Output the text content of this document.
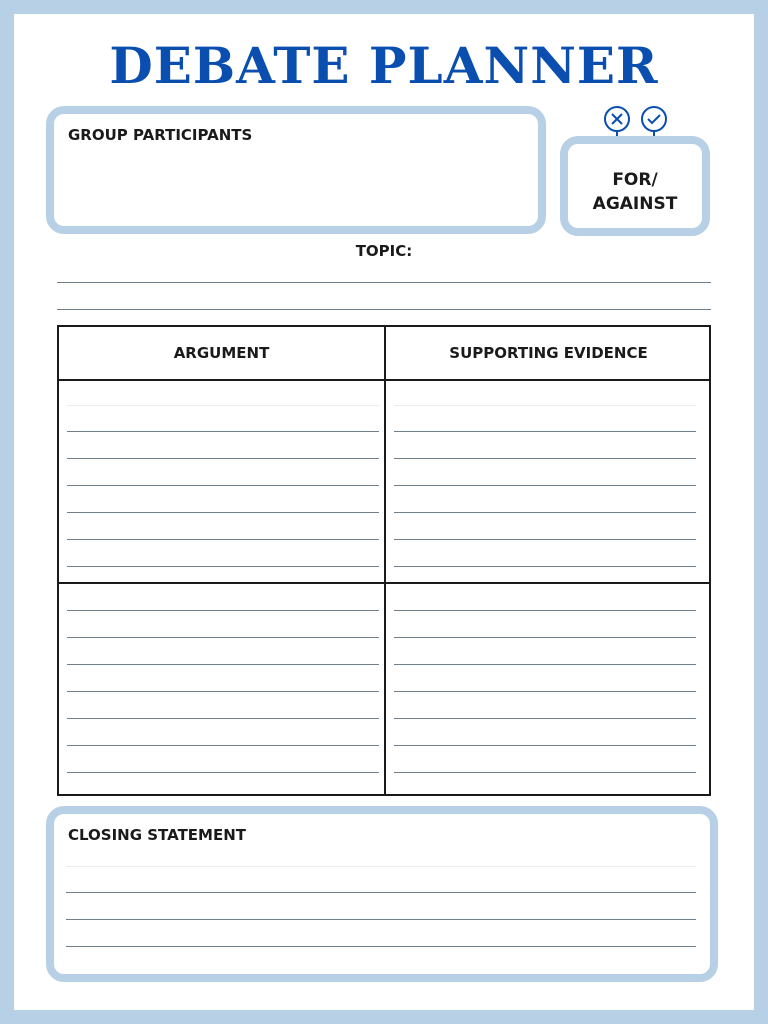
DEBATE PLANNER
GROUP PARTICIPANTS
FOR/
AGAINST
TOPIC:
ARGUMENT	SUPPORTING EVIDENCE
CLOSING STATEMENT
